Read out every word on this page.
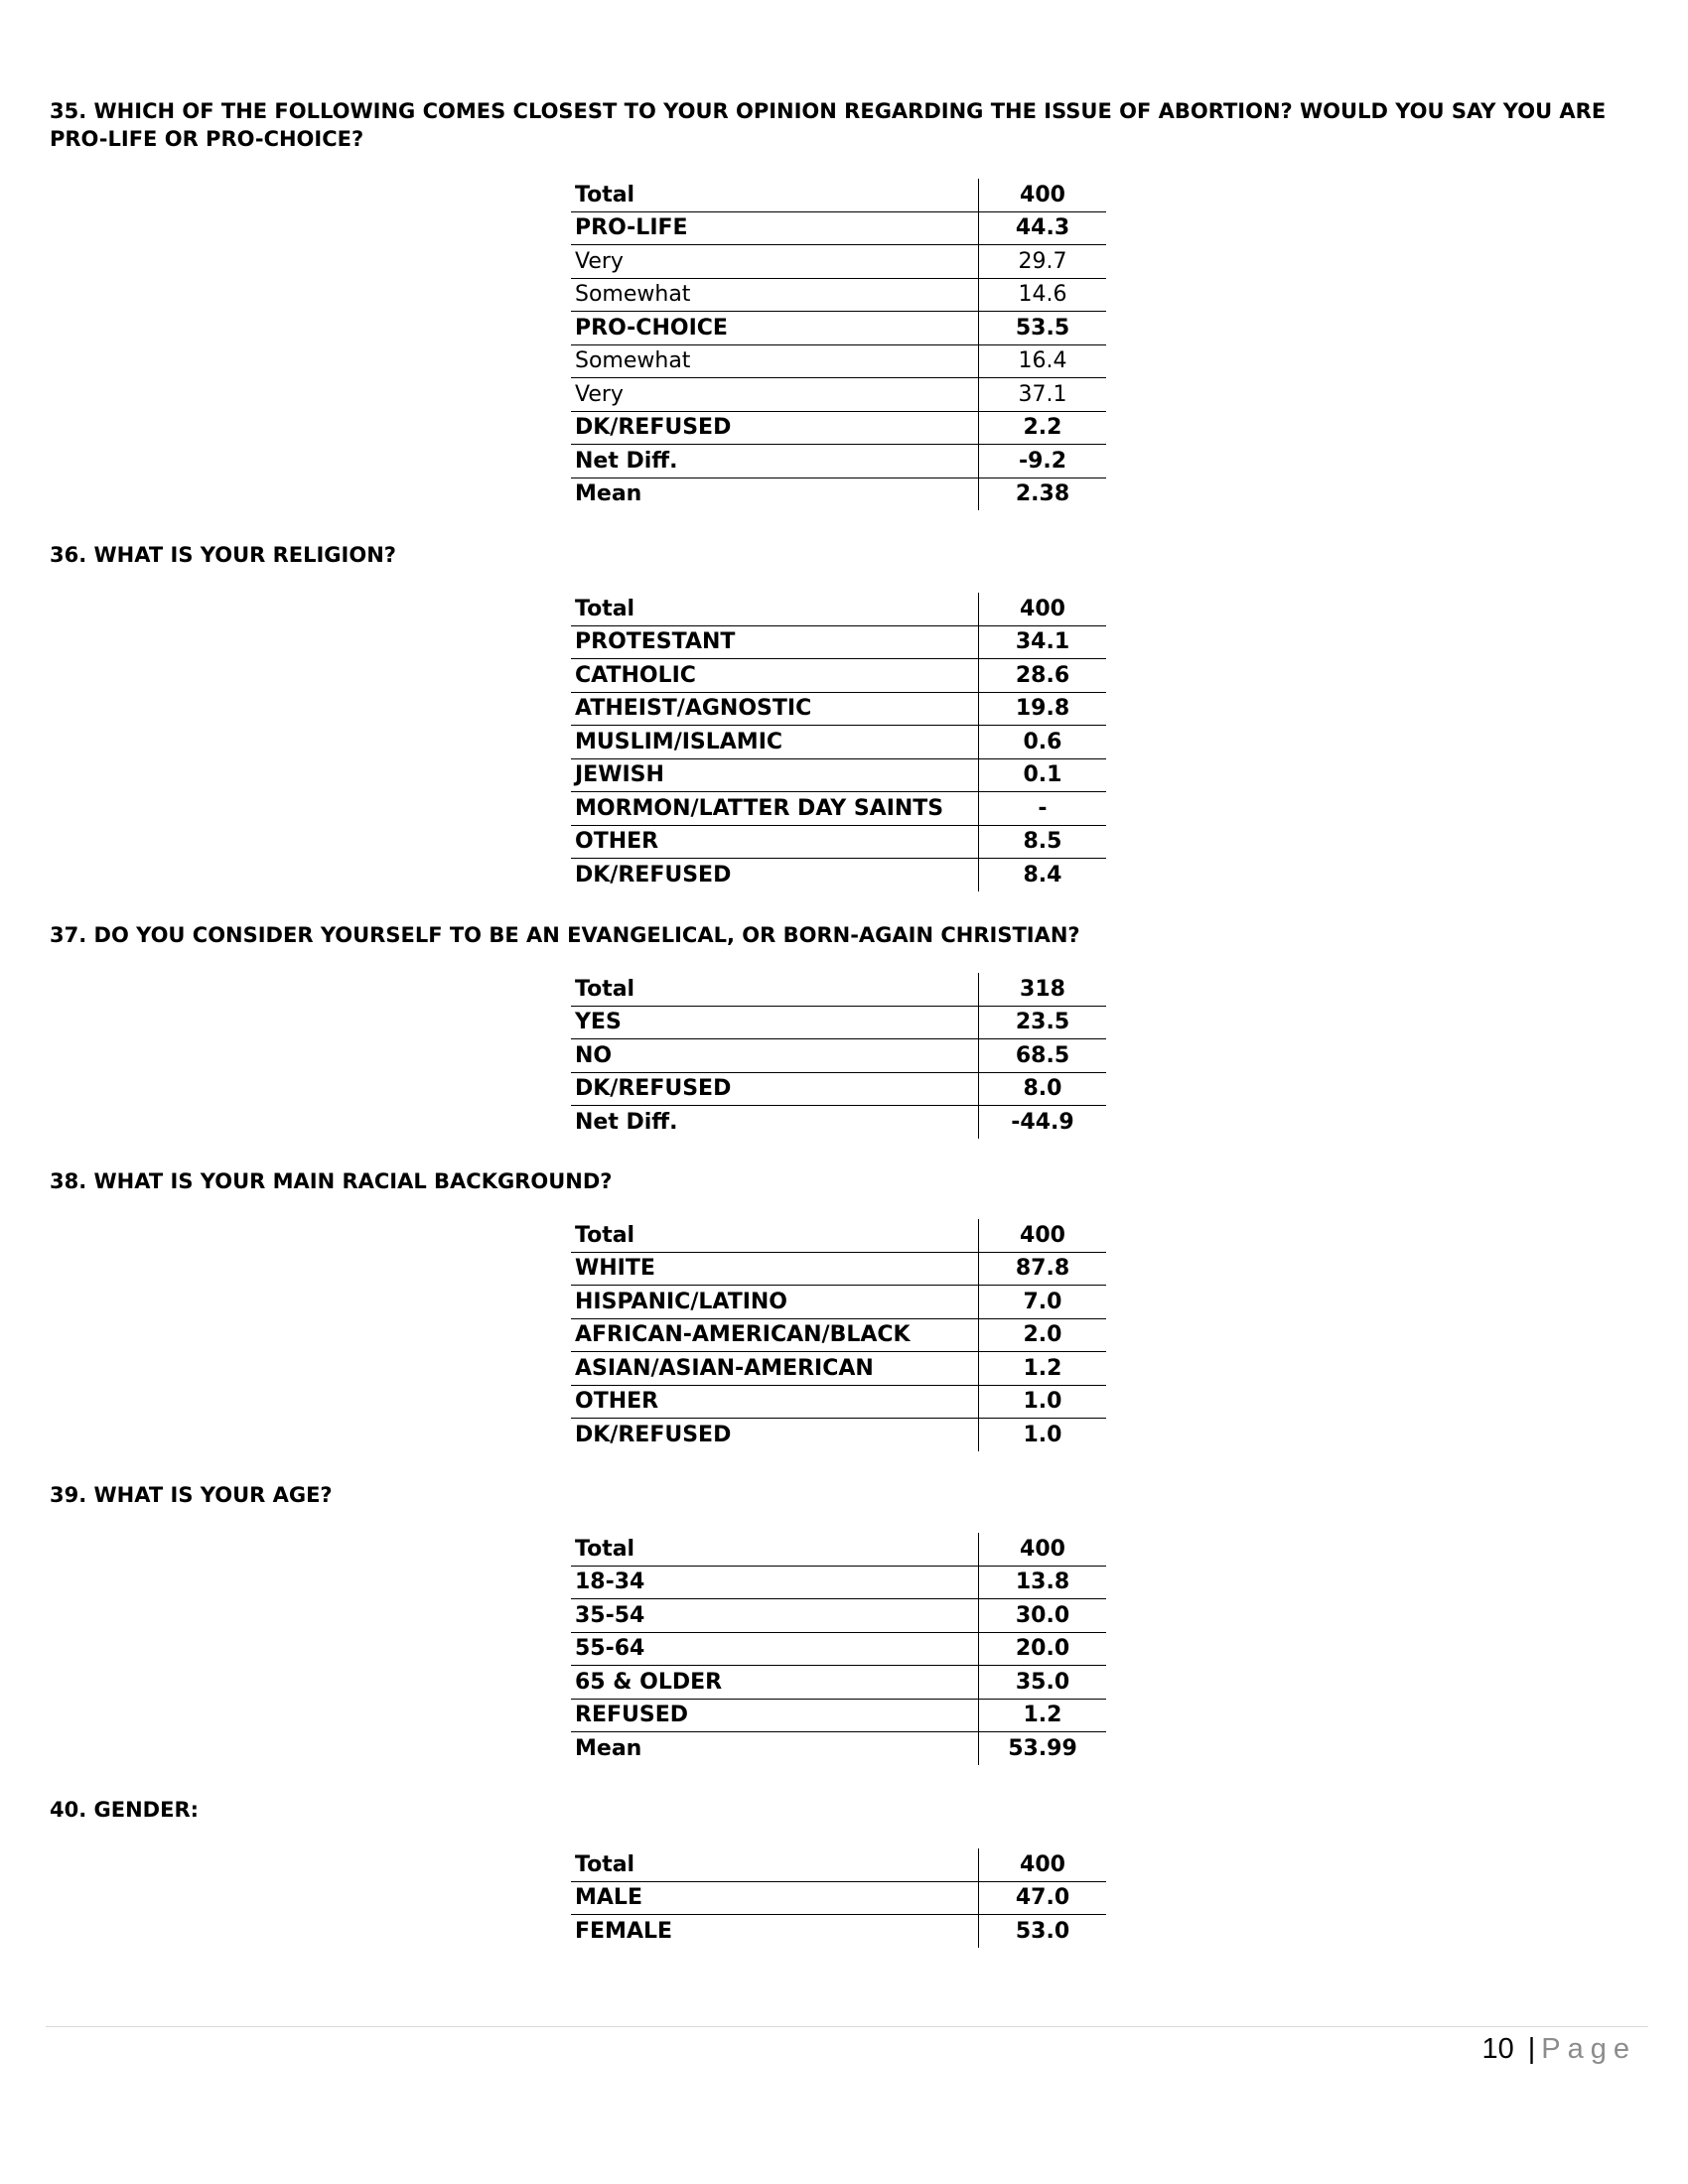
35. WHICH OF THE FOLLOWING COMES CLOSEST TO YOUR OPINION REGARDING THE ISSUE OF ABORTION? WOULD YOU SAY YOU ARE PRO-LIFE OR PRO-CHOICE?

Total	400
PRO-LIFE	44.3
Very	29.7
Somewhat	14.6
PRO-CHOICE	53.5
Somewhat	16.4
Very	37.1
DK/REFUSED	2.2
Net Diff.	-9.2
Mean	2.38

36. WHAT IS YOUR RELIGION?

Total	400
PROTESTANT	34.1
CATHOLIC	28.6
ATHEIST/AGNOSTIC	19.8
MUSLIM/ISLAMIC	0.6
JEWISH	0.1
MORMON/LATTER DAY SAINTS	-
OTHER	8.5
DK/REFUSED	8.4

37. DO YOU CONSIDER YOURSELF TO BE AN EVANGELICAL, OR BORN-AGAIN CHRISTIAN?

Total	318
YES	23.5
NO	68.5
DK/REFUSED	8.0
Net Diff.	-44.9

38. WHAT IS YOUR MAIN RACIAL BACKGROUND?

Total	400
WHITE	87.8
HISPANIC/LATINO	7.0
AFRICAN-AMERICAN/BLACK	2.0
ASIAN/ASIAN-AMERICAN	1.2
OTHER	1.0
DK/REFUSED	1.0

39. WHAT IS YOUR AGE?

Total	400
18-34	13.8
35-54	30.0
55-64	20.0
65 & OLDER	35.0
REFUSED	1.2
Mean	53.99

40. GENDER:

Total	400
MALE	47.0
FEMALE	53.0
10 | Page
